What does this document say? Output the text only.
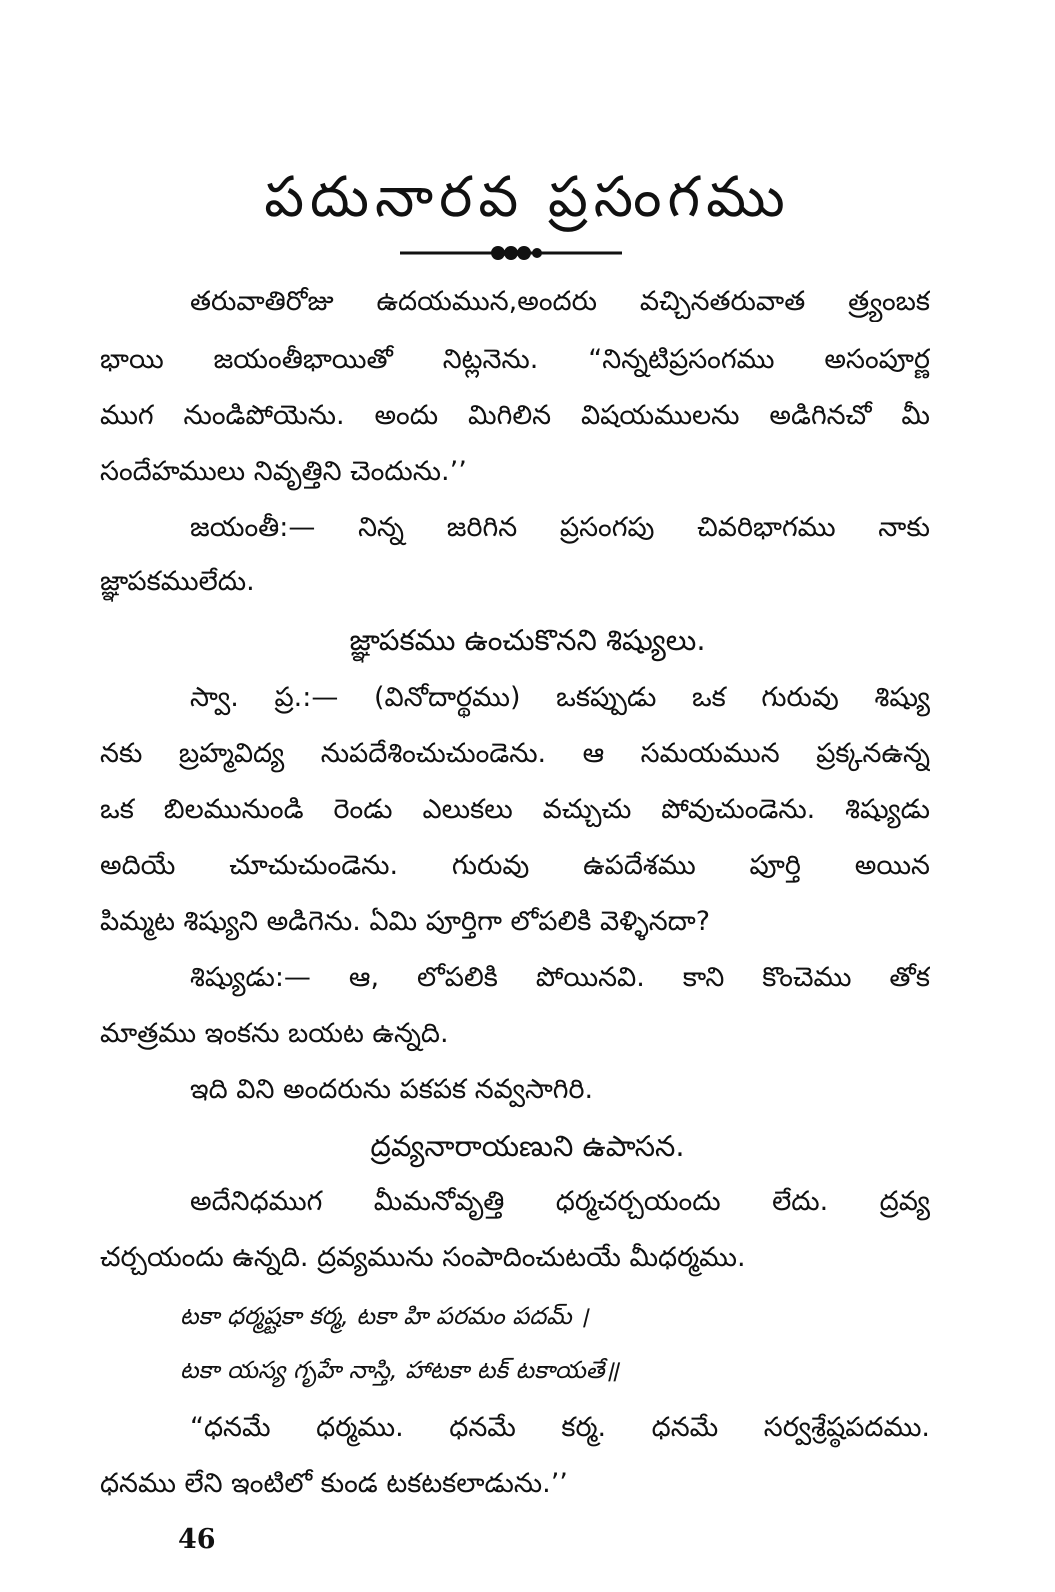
పదునారవ ప్రసంగము
తరువాతిరోజు ఉదయమున,అందరు వచ్చినతరువాత త్ర్యంబక
భాయి జయంతీభాయితో నిట్లనెను. “నిన్నటిప్రసంగము అసంపూర్ణ
ముగ నుండిపోయెను. అందు మిగిలిన విషయములను అడిగినచో మీ
సందేహములు నివృత్తిని చెందును.’’
జయంతీ:— నిన్న జరిగిన ప్రసంగపు చివరిభాగము నాకు
జ్ఞాపకములేదు.
జ్ఞాపకము ఉంచుకొనని శిష్యులు.
స్వా. ప్ర.:— (వినోదార్థము) ఒకప్పుడు ఒక గురువు శిష్యు
నకు బ్రహ్మవిద్య నుపదేశించుచుండెను. ఆ సమయమున ప్రక్కనఉన్న
ఒక బిలమునుండి రెండు ఎలుకలు వచ్చుచు పోవుచుండెను. శిష్యుడు
అదియే చూచుచుండెను. గురువు ఉపదేశము పూర్తి అయిన
పిమ్మట శిష్యుని అడిగెను. ఏమి పూర్తిగా లోపలికి వెళ్ళినదా?
శిష్యుడు:— ఆ, లోపలికి పోయినవి. కాని కొంచెము తోక
మాత్రము ఇంకను బయట ఉన్నది.
ఇది విని అందరును పకపక నవ్వసాగిరి.
ద్రవ్యనారాయణుని ఉపాసన.
అదేనిధముగ మీమనోవృత్తి ధర్మచర్చయందు లేదు. ద్రవ్య
చర్చయందు ఉన్నది. ద్రవ్యమును సంపాదించుటయే మీధర్మము.
టకా ధర్మష్టకా కర్మ, టకా హి పరమం పదమ్ ।
టకా యస్య గృహే నాస్తి, హాటకా టక్ టకాయతే॥
“ధనమే ధర్మము. ధనమే కర్మ. ధనమే సర్వశ్రేష్ఠపదము.
ధనము లేని ఇంటిలో కుండ టకటకలాడును.’’
46
